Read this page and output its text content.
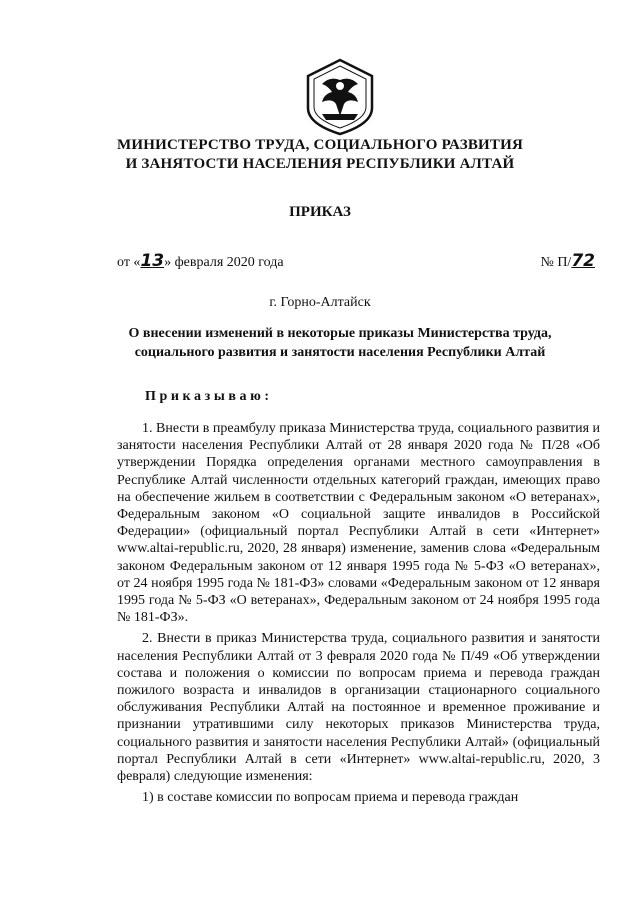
МИНИСТЕРСТВО ТРУДА, СОЦИАЛЬНОГО РАЗВИТИЯ
И ЗАНЯТОСТИ НАСЕЛЕНИЯ РЕСПУБЛИКИ АЛТАЙ
ПРИКАЗ
от «13» февраля 2020 года	№ П/72
г. Горно-Алтайск
О внесении изменений в некоторые приказы Министерства труда,
социального развития и занятости населения Республики Алтай
Приказываю:

1. Внести в преамбулу приказа Министерства труда, социального развития и занятости населения Республики Алтай от 28 января 2020 года № П/28 «Об утверждении Порядка определения органами местного самоуправления в Республике Алтай численности отдельных категорий граждан, имеющих право на обеспечение жильем в соответствии с Федеральным законом «О ветеранах», Федеральным законом «О социальной защите инвалидов в Российской Федерации» (официальный портал Республики Алтай в сети «Интернет» www.altai-republic.ru, 2020, 28 января) изменение, заменив слова «Федеральным законом Федеральным законом от 12 января 1995 года № 5-ФЗ «О ветеранах», от 24 ноября 1995 года № 181-ФЗ» словами «Федеральным законом от 12 января 1995 года № 5-ФЗ «О ветеранах», Федеральным законом от 24 ноября 1995 года № 181-ФЗ».

2. Внести в приказ Министерства труда, социального развития и занятости населения Республики Алтай от 3 февраля 2020 года № П/49 «Об утверждении состава и положения о комиссии по вопросам приема и перевода граждан пожилого возраста и инвалидов в организации стационарного социального обслуживания Республики Алтай на постоянное и временное проживание и признании утратившими силу некоторых приказов Министерства труда, социального развития и занятости населения Республики Алтай» (официальный портал Республики Алтай в сети «Интернет» www.altai-republic.ru, 2020, 3 февраля) следующие изменения:

1) в составе комиссии по вопросам приема и перевода граждан
